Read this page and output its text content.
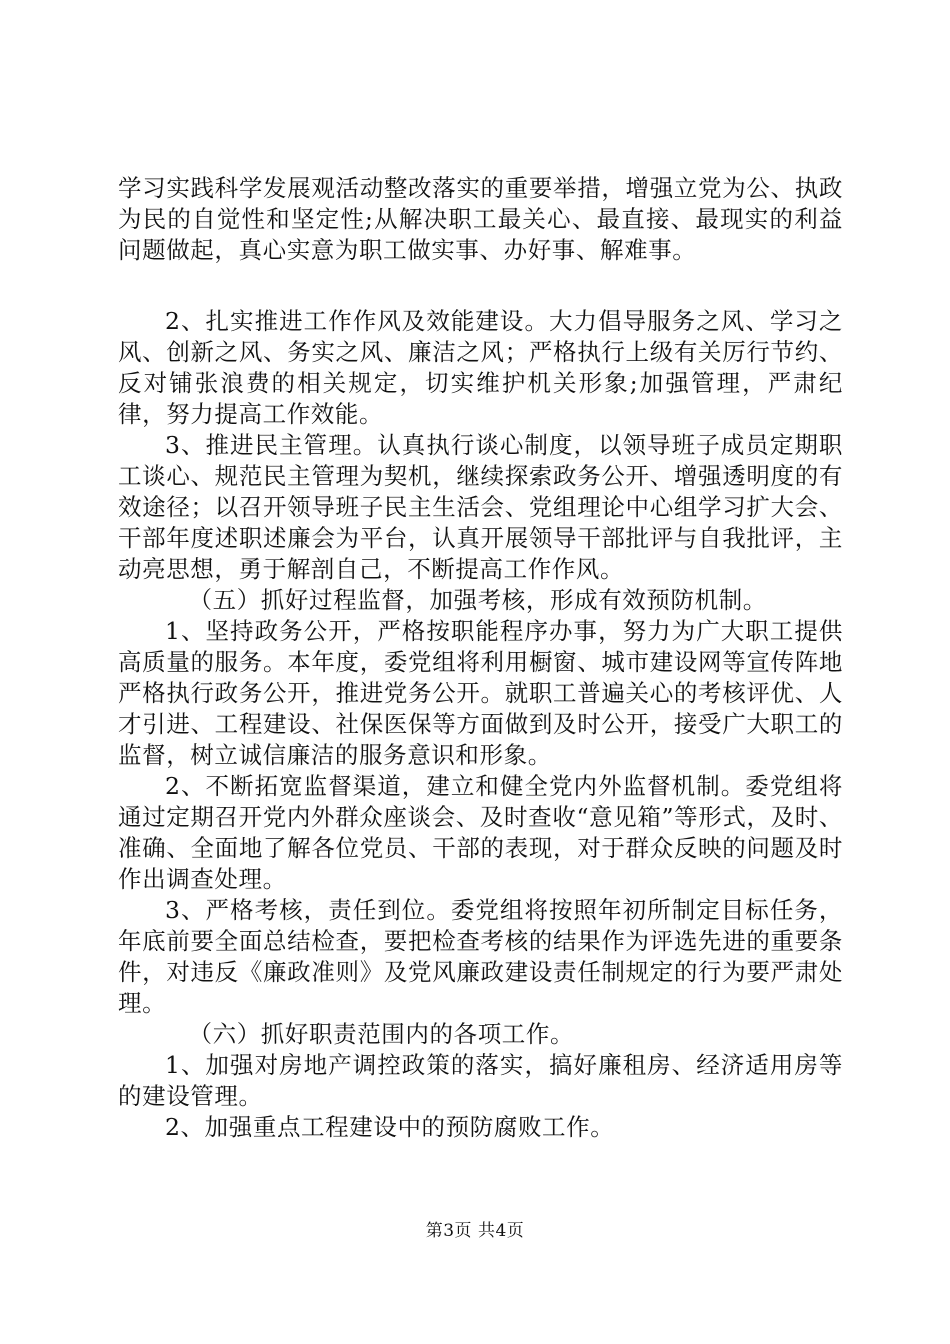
学习实践科学发展观活动整改落实的重要举措，增强立党为公、执政为民的自觉性和坚定性;从解决职工最关心、最直接、最现实的利益问题做起，真心实意为职工做实事、办好事、解难事。

2、扎实推进工作作风及效能建设。大力倡导服务之风、学习之风、创新之风、务实之风、廉洁之风；严格执行上级有关厉行节约、反对铺张浪费的相关规定，切实维护机关形象;加强管理，严肃纪律，努力提高工作效能。

3、推进民主管理。认真执行谈心制度，以领导班子成员定期职工谈心、规范民主管理为契机，继续探索政务公开、增强透明度的有效途径；以召开领导班子民主生活会、党组理论中心组学习扩大会、干部年度述职述廉会为平台，认真开展领导干部批评与自我批评，主动亮思想，勇于解剖自己，不断提高工作作风。

（五）抓好过程监督，加强考核，形成有效预防机制。

1、坚持政务公开，严格按职能程序办事，努力为广大职工提供高质量的服务。本年度，委党组将利用橱窗、城市建设网等宣传阵地严格执行政务公开，推进党务公开。就职工普遍关心的考核评优、人才引进、工程建设、社保医保等方面做到及时公开，接受广大职工的监督，树立诚信廉洁的服务意识和形象。

2、不断拓宽监督渠道，建立和健全党内外监督机制。委党组将通过定期召开党内外群众座谈会、及时查收“意见箱”等形式，及时、准确、全面地了解各位党员、干部的表现，对于群众反映的问题及时作出调查处理。

3、严格考核，责任到位。委党组将按照年初所制定目标任务，年底前要全面总结检查，要把检查考核的结果作为评选先进的重要条件，对违反《廉政准则》及党风廉政建设责任制规定的行为要严肃处理。

（六）抓好职责范围内的各项工作。

1、加强对房地产调控政策的落实，搞好廉租房、经济适用房等的建设管理。

2、加强重点工程建设中的预防腐败工作。

第3页 共4页
